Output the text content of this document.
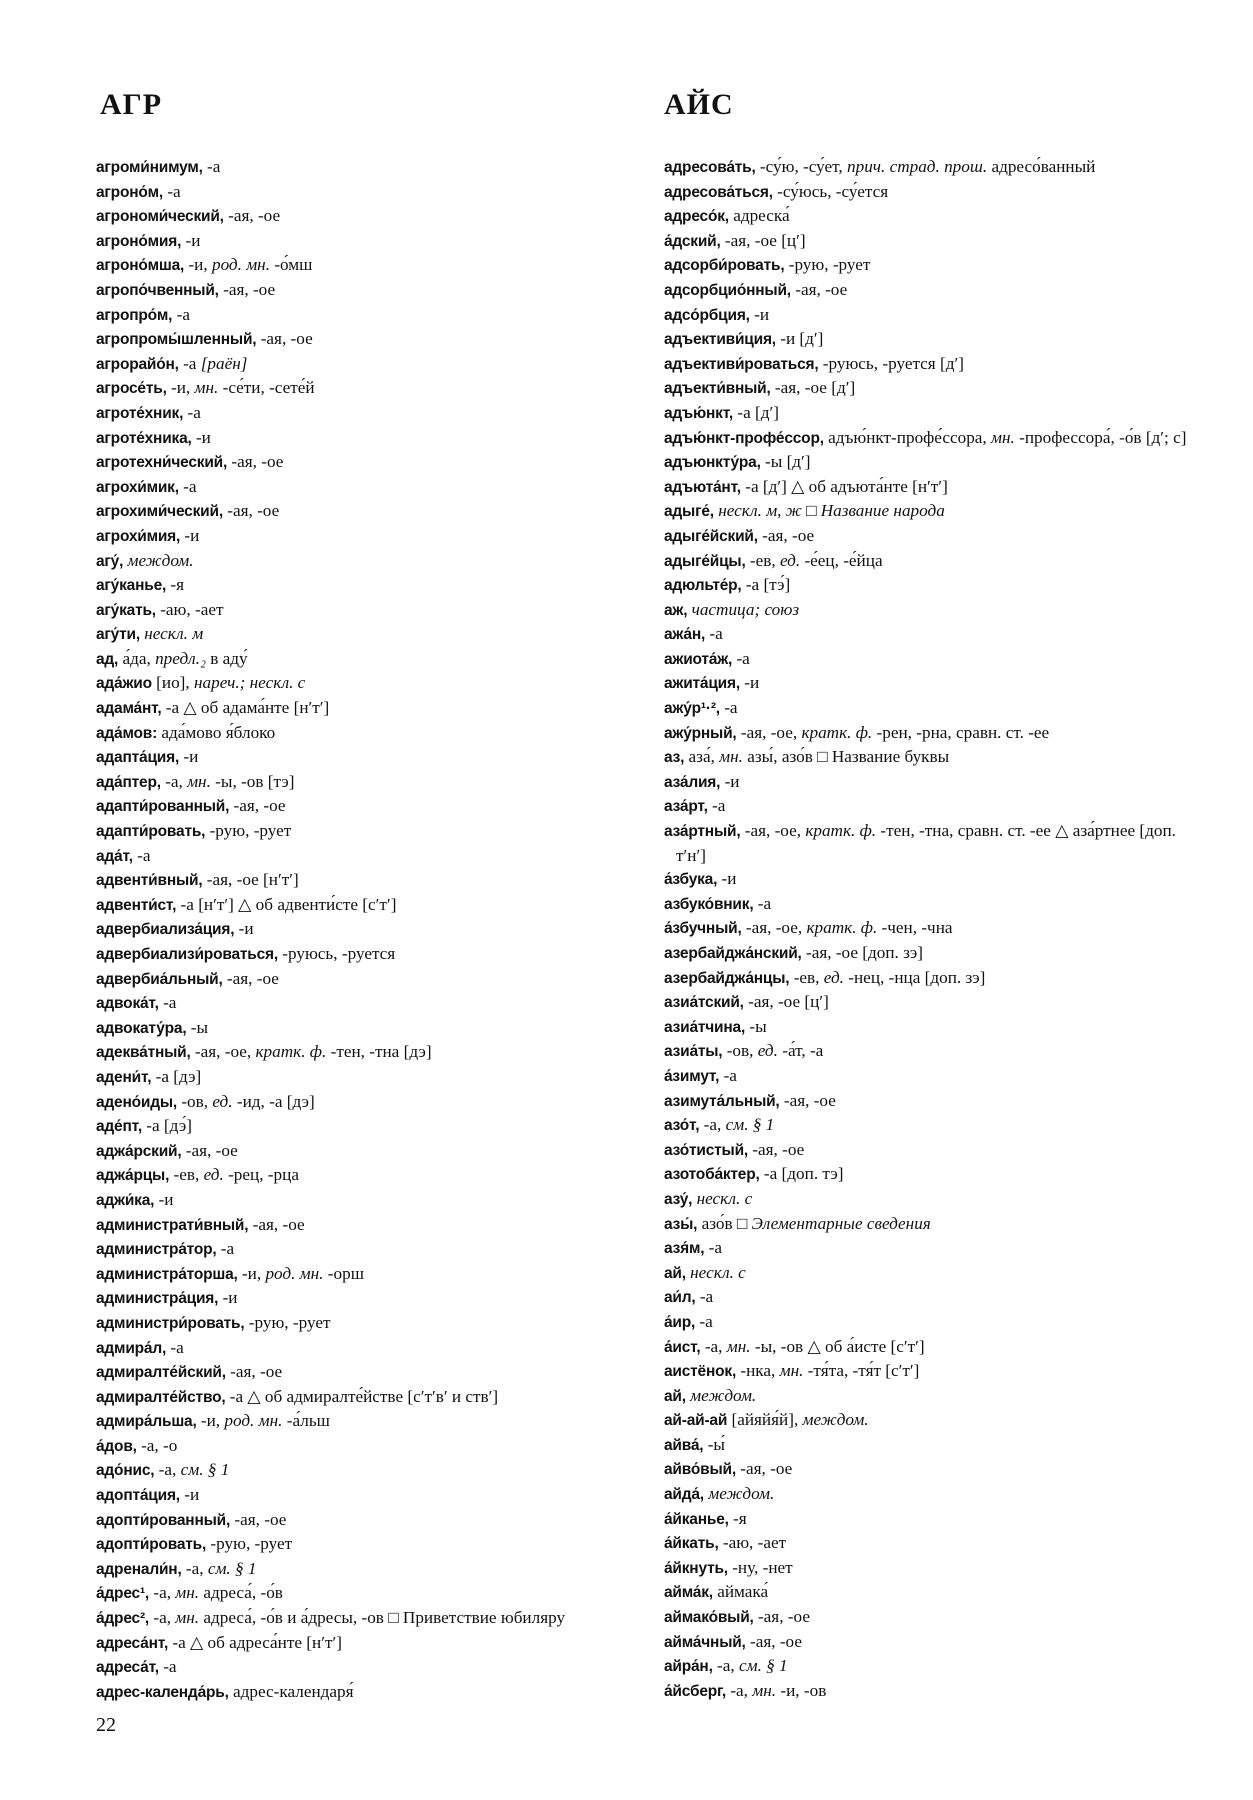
АГР	АЙС

агроми́нимум, -а

агроно́м, -а

агрономи́ческий, -ая, -ое

агроно́мия, -и

агроно́мша, -и, род. мн. -о́мш

агропо́чвенный, -ая, -ое

агропро́м, -а

агропромы́шленный, -ая, -ое

агрорайо́н, -а [раён]

агросе́ть, -и, мн. -се́ти, -сете́й

агроте́хник, -а

агроте́хника, -и

агротехни́ческий, -ая, -ое

агрохи́мик, -а

агрохими́ческий, -ая, -ое

агрохи́мия, -и

агу́, междом.

агу́канье, -я

агу́кать, -аю, -ает

агу́ти, нескл. м

ад, а́да, предл.₂ в аду́

ада́жио [ио], нареч.; нескл. с

адама́нт, -а △ об адама́нте [нʹтʹ]

ада́мов: ада́мово я́блоко

адапта́ция, -и

ада́птер, -а, мн. -ы, -ов [тэ]

адапти́рованный, -ая, -ое

адапти́ровать, -рую, -рует

ада́т, -а

адвенти́вный, -ая, -ое [нʹтʹ]

адвенти́ст, -а [нʹтʹ] △ об адвенти́сте [сʹтʹ]

адвербиализа́ция, -и

адвербиализи́роваться, -руюсь, -руется

адвербиа́льный, -ая, -ое

адвока́т, -а

адвокату́ра, -ы

адеква́тный, -ая, -ое, кратк. ф. -тен, -тна [дэ]

адени́т, -а [дэ]

адено́иды, -ов, ед. -ид, -а [дэ]

аде́пт, -а [дэ́]

аджа́рский, -ая, -ое

аджа́рцы, -ев, ед. -рец, -рца

аджи́ка, -и

администрати́вный, -ая, -ое

администра́тор, -а

администра́торша, -и, род. мн. -орш

администра́ция, -и

администри́ровать, -рую, -рует

адмира́л, -а

адмиралте́йский, -ая, -ое

адмиралте́йство, -а △ об адмиралте́йстве [сʹтʹвʹ и ствʹ]

адмира́льша, -и, род. мн. -а́льш

а́дов, -а, -о

адо́нис, -а, см. § 1

адопта́ция, -и

адопти́рованный, -ая, -ое

адопти́ровать, -рую, -рует

адренали́н, -а, см. § 1

а́дрес¹, -а, мн. адреса́, -о́в

а́дрес², -а, мн. адреса́, -о́в и а́дресы, -ов □ Приветствие юбиляру

адреса́нт, -а △ об адреса́нте [нʹтʹ]

адреса́т, -а

адрес-календа́рь, адрес-календаря́

адресова́ть, -су́ю, -су́ет, прич. страд. прош. адресо́ванный

адресова́ться, -су́юсь, -су́ется

адресо́к, адреска́

а́дский, -ая, -ое [цʹ]

адсорби́ровать, -рую, -рует

адсорбцио́нный, -ая, -ое

адсо́рбция, -и

адъективи́ция, -и [дʹ]

адъективи́роваться, -руюсь, -руется [дʹ]

адъекти́вный, -ая, -ое [дʹ]

адъю́нкт, -а [дʹ]

адъю́нкт-профе́ссор, адъю́нкт-профе́ссора, мн. -профессора́, -о́в [дʹ; с]

адъюнкту́ра, -ы [дʹ]

адъюта́нт, -а [дʹ] △ об адъюта́нте [нʹтʹ]

адыге́, нескл. м, ж □ Название народа

адыге́йский, -ая, -ое

адыге́йцы, -ев, ед. -е́ец, -е́йца

адюльте́р, -а [тэ́]

аж, частица; союз

ажа́н, -а

ажиота́ж, -а

ажита́ция, -и

ажу́р¹·², -а

ажу́рный, -ая, -ое, кратк. ф. -рен, -рна, сравн. ст. -ее

аз, аза́, мн. азы́, азо́в □ Название буквы

аза́лия, -и

аза́рт, -а

аза́ртный, -ая, -ое, кратк. ф. -тен, -тна, сравн. ст. -ее △ аза́ртнее [доп. тʹнʹ]

а́збука, -и

азбуко́вник, -а

а́збучный, -ая, -ое, кратк. ф. -чен, -чна

азербайджа́нский, -ая, -ое [доп. зэ]

азербайджа́нцы, -ев, ед. -нец, -нца [доп. зэ]

азиа́тский, -ая, -ое [цʹ]

азиа́тчина, -ы

азиа́ты, -ов, ед. -а́т, -а

а́зимут, -а

азимута́льный, -ая, -ое

азо́т, -а, см. § 1

азо́тистый, -ая, -ое

азотоба́ктер, -а [доп. тэ]

азу́, нескл. с

азы́, азо́в □ Элементарные сведения

азя́м, -а

ай, нескл. с

аи́л, -а

а́ир, -а

а́ист, -а, мн. -ы, -ов △ об а́исте [сʹтʹ]

аистёнок, -нка, мн. -тя́та, -тя́т [сʹтʹ]

ай, междом.

ай-ай-ай [айяйя́й], междом.

айва́, -ы́

айво́вый, -ая, -ое

айда́, междом.

а́йканье, -я

а́йкать, -аю, -ает

а́йкнуть, -ну, -нет

айма́к, аймака́

аймако́вый, -ая, -ое

айма́чный, -ая, -ое

айра́н, -а, см. § 1

а́йсберг, -а, мн. -и, -ов

22
